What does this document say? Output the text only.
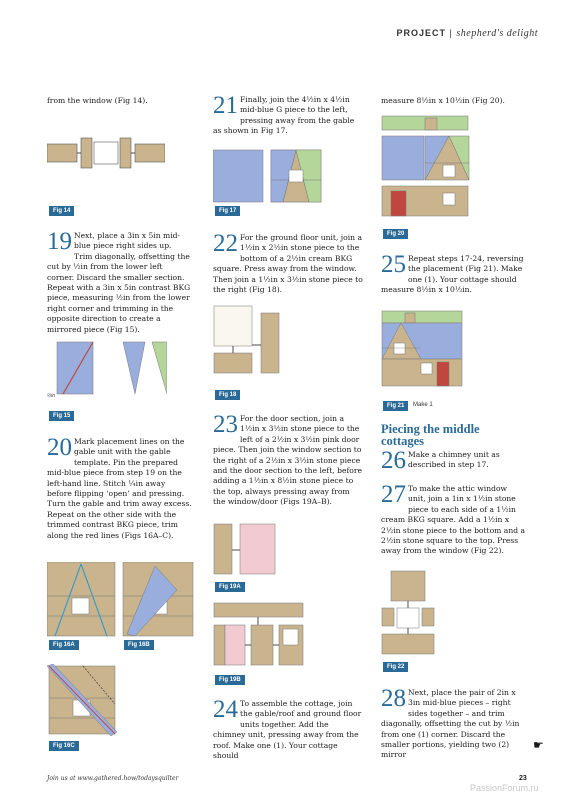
PROJECT | shepherd's delight

from the window (Fig 14).

Fig 14
19 Next, place a 3in x 5in mid-blue piece right sides up. Trim diagonally, offsetting the cut by ½in from the lower left corner. Discard the smaller section. Repeat with a 3in x 5in contrast BKG piece, measuring ½in from the lower right corner and trimming in the opposite direction to create a mirrored piece (Fig 15).

½in
Fig 15
20 Mark placement lines on the gable unit with the gable template. Pin the prepared mid-blue piece from step 19 on the left-hand line. Stitch ¼in away before flipping ‘open’ and pressing. Turn the gable and trim away excess. Repeat on the other side with the trimmed contrast BKG piece, trim along the red lines (Figs 16A–C).

Fig 16A	Fig 16B
Fig 16C
21 Finally, join the 4½in x 4½in mid-blue G piece to the left, pressing away from the gable as shown in Fig 17.

Fig 17
22 For the ground floor unit, join a 1½in x 2½in stone piece to the bottom of a 2½in cream BKG square. Press away from the window. Then join a 1½in x 3½in stone piece to the right (Fig 18).

Fig 18
23 For the door section, join a 1½in x 3½in stone piece to the left of a 2½in x 3½in pink door piece. Then join the window section to the right of a 2½in x 3½in stone piece and the door section to the left, before adding a 1½in x 8½in stone piece to the top, always pressing away from the window/door (Figs 19A–B).

Fig 19A
Fig 19B
24 To assemble the cottage, join the gable/roof and ground floor units together. Add the chimney unit, pressing away from the roof. Make one (1). Your cottage should

measure 8½in x 10½in (Fig 20).

Fig 20
25 Repeat steps 17-24, reversing the placement (Fig 21). Make one (1). Your cottage should measure 8½in x 10½in.

Fig 21	Make 1
Piecing the middle cottages
26 Make a chimney unit as described in step 17.

27 To make the attic window unit, join a 1in x 1½in stone piece to each side of a 1½in cream BKG square. Add a 1½in x 2½in stone piece to the bottom and a 2½in stone square to the top. Press away from the window (Fig 22).

Fig 22
28 Next, place the pair of 2in x 3in mid-blue pieces – right sides together – and trim diagonally, offsetting the cut by ½in from one (1) corner. Discard the smaller portions, yielding two (2) mirror

☛
Join us at www.gathered.how/todaysquilter	23
PassionForum.ru
